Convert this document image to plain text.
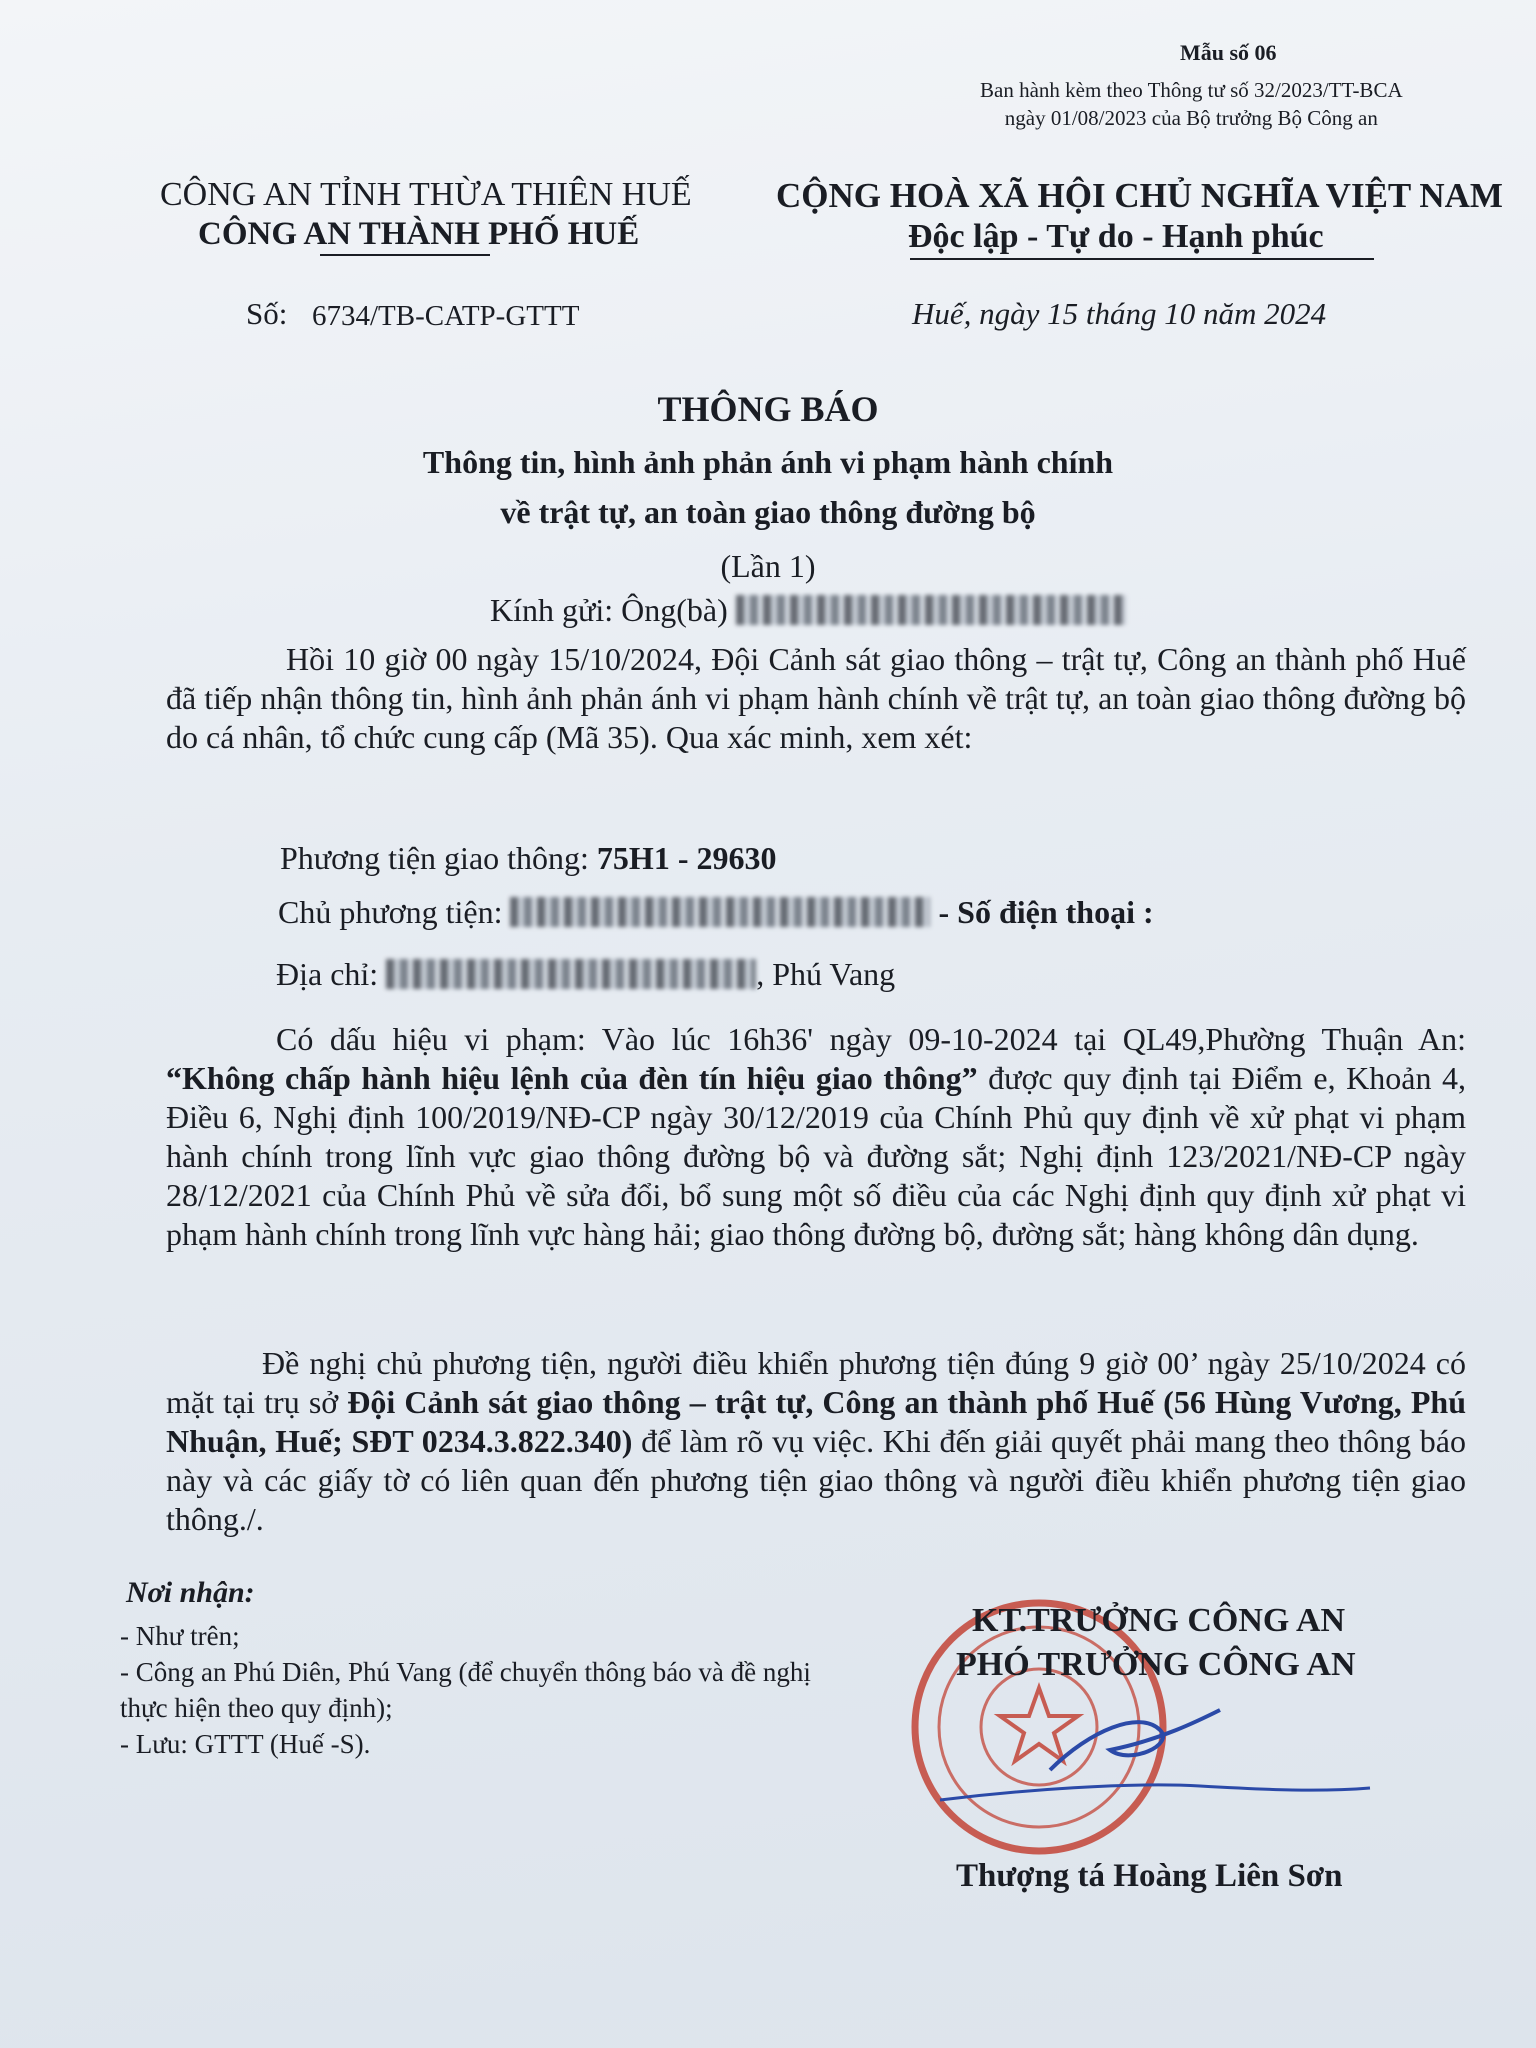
Mẫu số 06
Ban hành kèm theo Thông tư số 32/2023/TT-BCA
ngày 01/08/2023 của Bộ trưởng Bộ Công an
CÔNG AN TỈNH THỪA THIÊN HUẾ
CÔNG AN THÀNH PHỐ HUẾ
CỘNG HOÀ XÃ HỘI CHỦ NGHĨA VIỆT NAM
Độc lập - Tự do - Hạnh phúc
Số: 6734/TB-CATP-GTTT	Huế, ngày 15 tháng 10 năm 2024
THÔNG BÁO
Thông tin, hình ảnh phản ánh vi phạm hành chính
về trật tự, an toàn giao thông đường bộ
(Lần 1)
Kính gửi: Ông(bà)
Hồi 10 giờ 00 ngày 15/10/2024, Đội Cảnh sát giao thông – trật tự, Công an thành phố Huế đã tiếp nhận thông tin, hình ảnh phản ánh vi phạm hành chính về trật tự, an toàn giao thông đường bộ do cá nhân, tổ chức cung cấp (Mã 35). Qua xác minh, xem xét:
Phương tiện giao thông: 75H1 - 29630
Chủ phương tiện:	- Số điện thoại :
Địa chỉ:	, Phú Vang
Có dấu hiệu vi phạm: Vào lúc 16h36' ngày 09-10-2024 tại QL49,Phường Thuận An: “Không chấp hành hiệu lệnh của đèn tín hiệu giao thông” được quy định tại Điểm e, Khoản 4, Điều 6, Nghị định 100/2019/NĐ-CP ngày 30/12/2019 của Chính Phủ quy định về xử phạt vi phạm hành chính trong lĩnh vực giao thông đường bộ và đường sắt; Nghị định 123/2021/NĐ-CP ngày 28/12/2021 của Chính Phủ về sửa đổi, bổ sung một số điều của các Nghị định quy định xử phạt vi phạm hành chính trong lĩnh vực hàng hải; giao thông đường bộ, đường sắt; hàng không dân dụng.
Đề nghị chủ phương tiện, người điều khiển phương tiện đúng 9 giờ 00’ ngày 25/10/2024 có mặt tại trụ sở Đội Cảnh sát giao thông – trật tự, Công an thành phố Huế (56 Hùng Vương, Phú Nhuận, Huế; SĐT 0234.3.822.340) để làm rõ vụ việc. Khi đến giải quyết phải mang theo thông báo này và các giấy tờ có liên quan đến phương tiện giao thông và người điều khiển phương tiện giao thông./.
Nơi nhận:
- Như trên;
- Công an Phú Diên, Phú Vang (để chuyển thông báo và đề nghị thực hiện theo quy định);
- Lưu: GTTT (Huế -S).
KT.TRƯỞNG CÔNG AN
PHÓ TRƯỞNG CÔNG AN
Thượng tá Hoàng Liên Sơn
